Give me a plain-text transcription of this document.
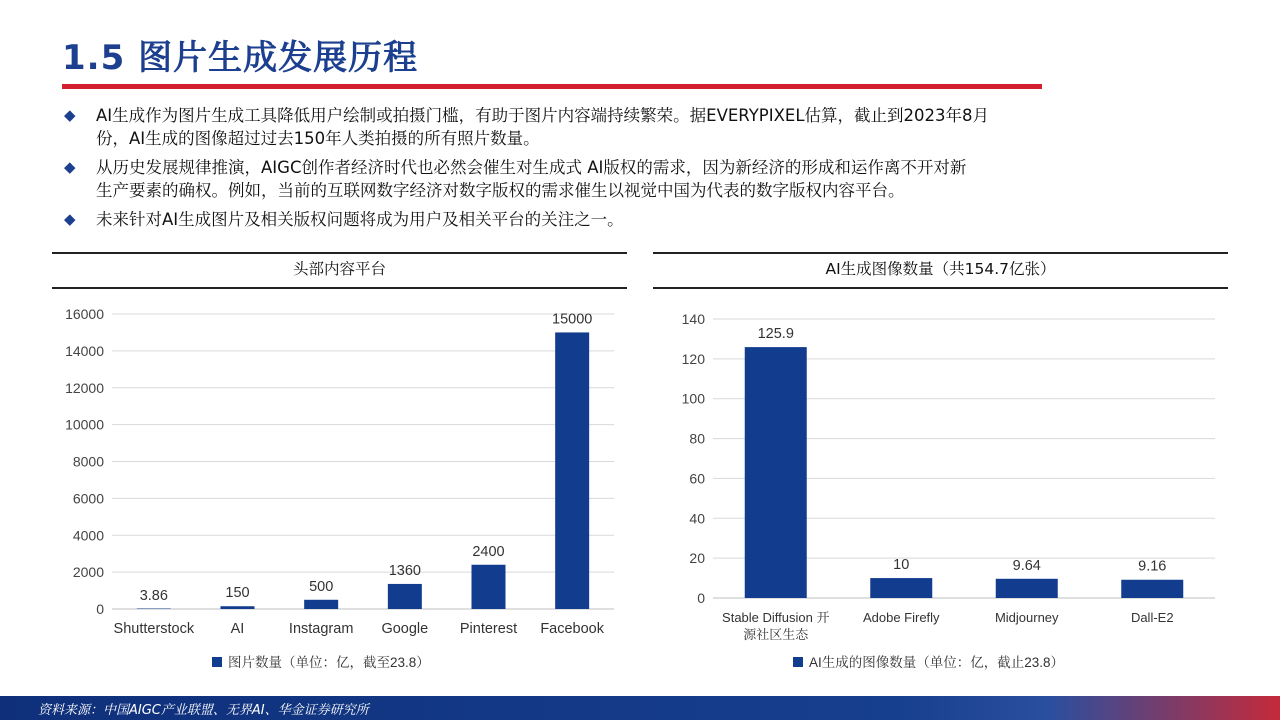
1.5 图片生成发展历程
◆ AI生成作为图片生成工具降低用户绘制或拍摄门槛，有助于图片内容端持续繁荣。据EVERYPIXEL估算，截止到2023年8月
份，AI生成的图像超过过去150年人类拍摄的所有照片数量。
◆ 从历史发展规律推演，AIGC创作者经济时代也必然会催生对生成式 AI版权的需求，因为新经济的形成和运作离不开对新
生产要素的确权。例如，当前的互联网数字经济对数字版权的需求催生以视觉中国为代表的数字版权内容平台。
◆ 未来针对AI生成图片及相关版权问题将成为用户及相关平台的关注之一。
头部内容平台	AI生成图像数量（共154.7亿张）
0
2000
4000
6000
8000
10000
12000
14000
16000
3.86
Shutterstock
150
AI
500
Instagram
1360
Google
2400
Pinterest
15000
Facebook
图片数量（单位：亿，截至23.8）
0
20
40
60
80
100
120
140
125.9
Stable Diffusion 开
源社区生态
10
Adobe Firefly
9.64
Midjourney
9.16
Dall-E2
AI生成的图像数量（单位：亿，截止23.8）
资料来源：中国AIGC产业联盟、无界AI、华金证券研究所
